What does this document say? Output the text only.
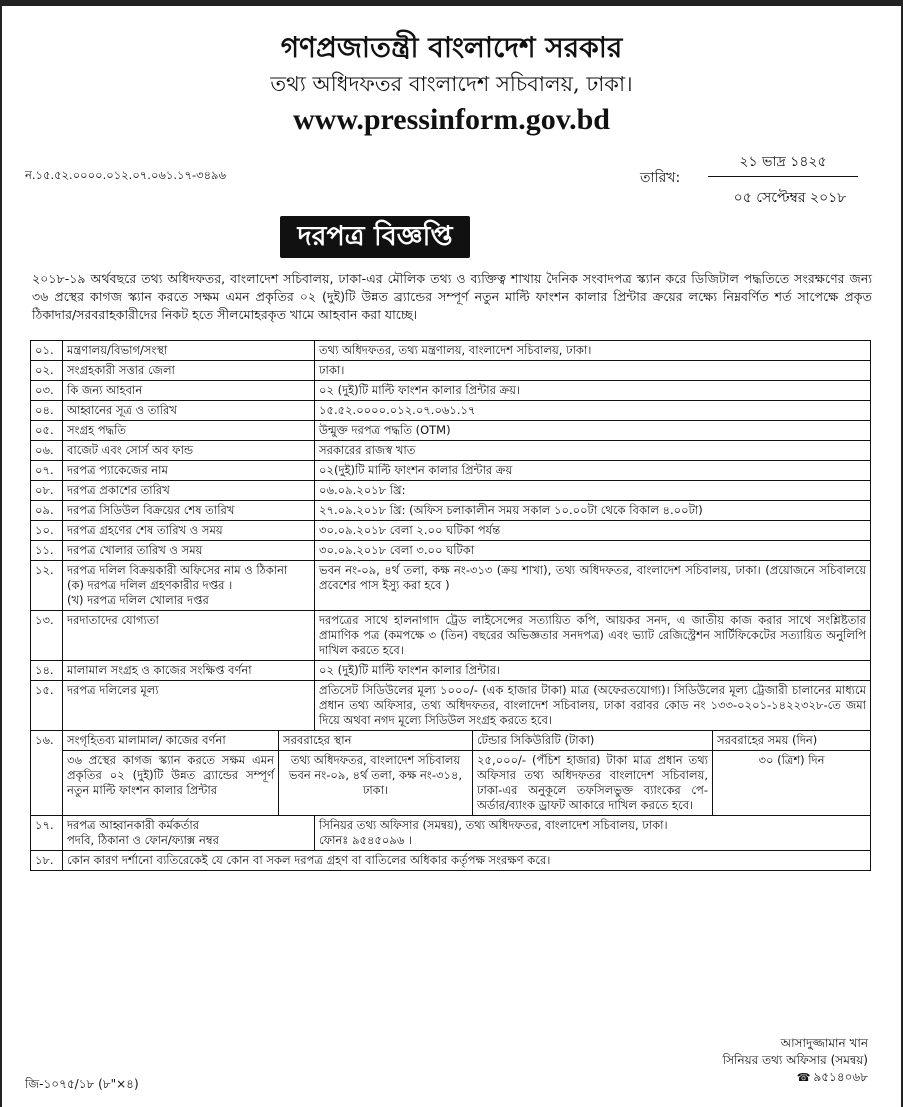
গণপ্রজাতন্ত্রী বাংলাদেশ সরকার
তথ্য অধিদফতর বাংলাদেশ সচিবালয়, ঢাকা।
www.pressinform.gov.bd
ন.১৫.৫২.০০০০.০১২.০৭.০৬১.১৭-৩৪৯৬
২১ ভাদ্র ১৪২৫
তারিখ:
০৫ সেপ্টেম্বর ২০১৮
দরপত্র বিজ্ঞপ্তি
২০১৮-১৯ অর্থবছরে তথ্য অধিদফতর, বাংলাদেশ সচিবালয়, ঢাকা-এর মৌলিক তথ্য ও ব্যক্তিত্ব শাখায় দৈনিক সংবাদপত্র স্ক্যান করে ডিজিটাল পদ্ধতিতে সংরক্ষণের জন্য ৩৬ প্রস্থের কাগজ স্ক্যান করতে সক্ষম এমন প্রকৃতির ০২ (দুই)টি উন্নত ব্র্যান্ডের সম্পূর্ণ নতুন মাল্টি ফাংশন কালার প্রিন্টার ক্রয়ের লক্ষ্যে নিম্নবর্ণিত শর্ত সাপেক্ষে প্রকৃত ঠিকাদার/সরবরাহকারীদের নিকট হতে সীলমোহরকৃত খামে আহবান করা যাচ্ছে।
০১.	মন্ত্রণালয়/বিভাগ/সংস্থা		তথ্য অধিদফতর, তথ্য মন্ত্রণালয়, বাংলাদেশ সচিবালয়, ঢাকা।		
০২.	সংগ্রহকারী সত্তার জেলা		ঢাকা।		
০৩.	কি জন্য আহবান		০২ (দুই)টি মাল্টি ফাংশন কালার প্রিন্টার ক্রয়।		
০৪.	আহ্বানের সূত্র ও তারিখ		১৫.৫২.০০০০.০১২.০৭.০৬১.১৭		
০৫.	সংগ্রহ পদ্ধতি		উন্মুক্ত দরপত্র পদ্ধতি (OTM)		
০৬.	বাজেট এবং সোর্স অব ফান্ড		সরকারের রাজস্ব খাত		
০৭.	দরপত্র প্যাকেজের নাম		০২(দুই)টি মাল্টি ফাংশন কালার প্রিন্টার ক্রয়		
০৮.	দরপত্র প্রকাশের তারিখ		০৬.০৯.২০১৮ খ্রি:		
০৯.	দরপত্র সিডিউল বিক্রয়ের শেষ তারিখ		২৭.০৯.২০১৮ খ্রি: (অফিস চলাকালীন সময় সকাল ১০.০০টা থেকে বিকাল ৪.০০টা)		
১০.	দরপত্র গ্রহণের শেষ তারিখ ও সময়		৩০.০৯.২০১৮ বেলা ২.০০ ঘটিকা পর্যন্ত		
১১.	দরপত্র খোলার তারিখ ও সময়		৩০.০৯.২০১৮ বেলা ৩.০০ ঘটিকা		
১২.	দরপত্র দলিল বিক্রয়কারী অফিসের নাম ও ঠিকানা
(ক) দরপত্র দলিল গ্রহণকারীর দপ্তর ।
(খ) দরপত্র দলিল খোলার দপ্তর		ভবন নং-০৯, ৪র্থ তলা, কক্ষ নং-৩১৩ (ক্রয় শাখা), তথ্য অধিদফতর, বাংলাদেশ সচিবালয়, ঢাকা। (প্রয়োজনে সচিবালয়ে প্রবেশের পাস ইস্যু করা হবে )		
১৩.	দরদাতাদের যোগ্যতা		দরপত্রের সাথে হালনাগাদ ট্রেড লাইসেন্সের সত্যায়িত কপি, আয়কর সনদ, এ জাতীয় কাজ করার সাথে সংশ্লিষ্টতার প্রামাণিক পত্র (কমপক্ষে ৩ (তিন) বছরের অভিজ্ঞতার সনদপত্র) এবং ভ্যাট রেজিস্ট্রেশন সার্টিফিকেটের সত্যায়িত অনুলিপি দাখিল করতে হবে।		
১৪.	মালামাল সংগ্রহ ও কাজের সংক্ষিপ্ত বর্ণনা		০২ (দুই)টি মাল্টি ফাংশন কালার প্রিন্টার।		
১৫.	দরপত্র দলিলের মূল্য		প্রতিসেট সিডিউলের মূল্য ১০০০/- (এক হাজার টাকা) মাত্র (অফেরতযোগ্য)। সিডিউলের মূল্য ট্রেজারী চালানের মাধ্যমে প্রধান তথ্য অফিসার, তথ্য অধিদফতর, বাংলাদেশ সচিবালয়, ঢাকা বরাবর কোড নং ১৩৩-০২০১-১৪২২৩২৮-তে জমা দিয়ে অথবা নগদ মূল্যে সিডিউল সংগ্রহ করতে হবে।		
১৬.	সংগৃহিতব্য মালামাল/ কাজের বর্ণনা	সরবরাহের স্থান		টেন্ডার সিকিউরিটি (টাকা)	সরবরাহের সময় (দিন)
	৩৬ প্রস্থের কাগজ স্ক্যান করতে সক্ষম এমন প্রকৃতির ০২ (দুই)টি উন্নত ব্র্যান্ডের সম্পূর্ণ নতুন মাল্টি ফাংশন কালার প্রিন্টার	তথ্য অধিদফতর, বাংলাদেশ সচিবালয় ভবন নং-০৯, ৪র্থ তলা, কক্ষ নং-৩১৪, ঢাকা।		২৫,০০০/- (পঁচিশ হাজার) টাকা মাত্র প্রধান তথ্য অফিসার তথ্য অধিদফতর বাংলাদেশ সচিবালয়, ঢাকা-এর অনুকূলে তফসিলভুক্ত ব্যাংকের পে-অর্ডার/ব্যাংক ড্রাফট আকারে দাখিল করতে হবে।	৩০ (ত্রিশ) দিন
১৭.	দরপত্র আহ্বানকারী কর্মকর্তার
পদবি, ঠিকানা ও ফোন/ফ্যাক্স নম্বর		সিনিয়র তথ্য অফিসার (সমন্বয়), তথ্য অধিদফতর, বাংলাদেশ সচিবালয়, ঢাকা।
ফোনঃ ৯৫৪৫০৯৬ ।		
১৮.	কোন কারণ দর্শানো ব্যতিরেকেই যে কোন বা সকল দরপত্র গ্রহণ বা বাতিলের অধিকার কর্তৃপক্ষ সংরক্ষণ করে।				
আসাদুজ্জামান খান
সিনিয়র তথ্য অফিসার (সমন্বয়)
☎ ৯৫১৪০৬৮
জি-১০৭৫/১৮ (৮"×৪)
